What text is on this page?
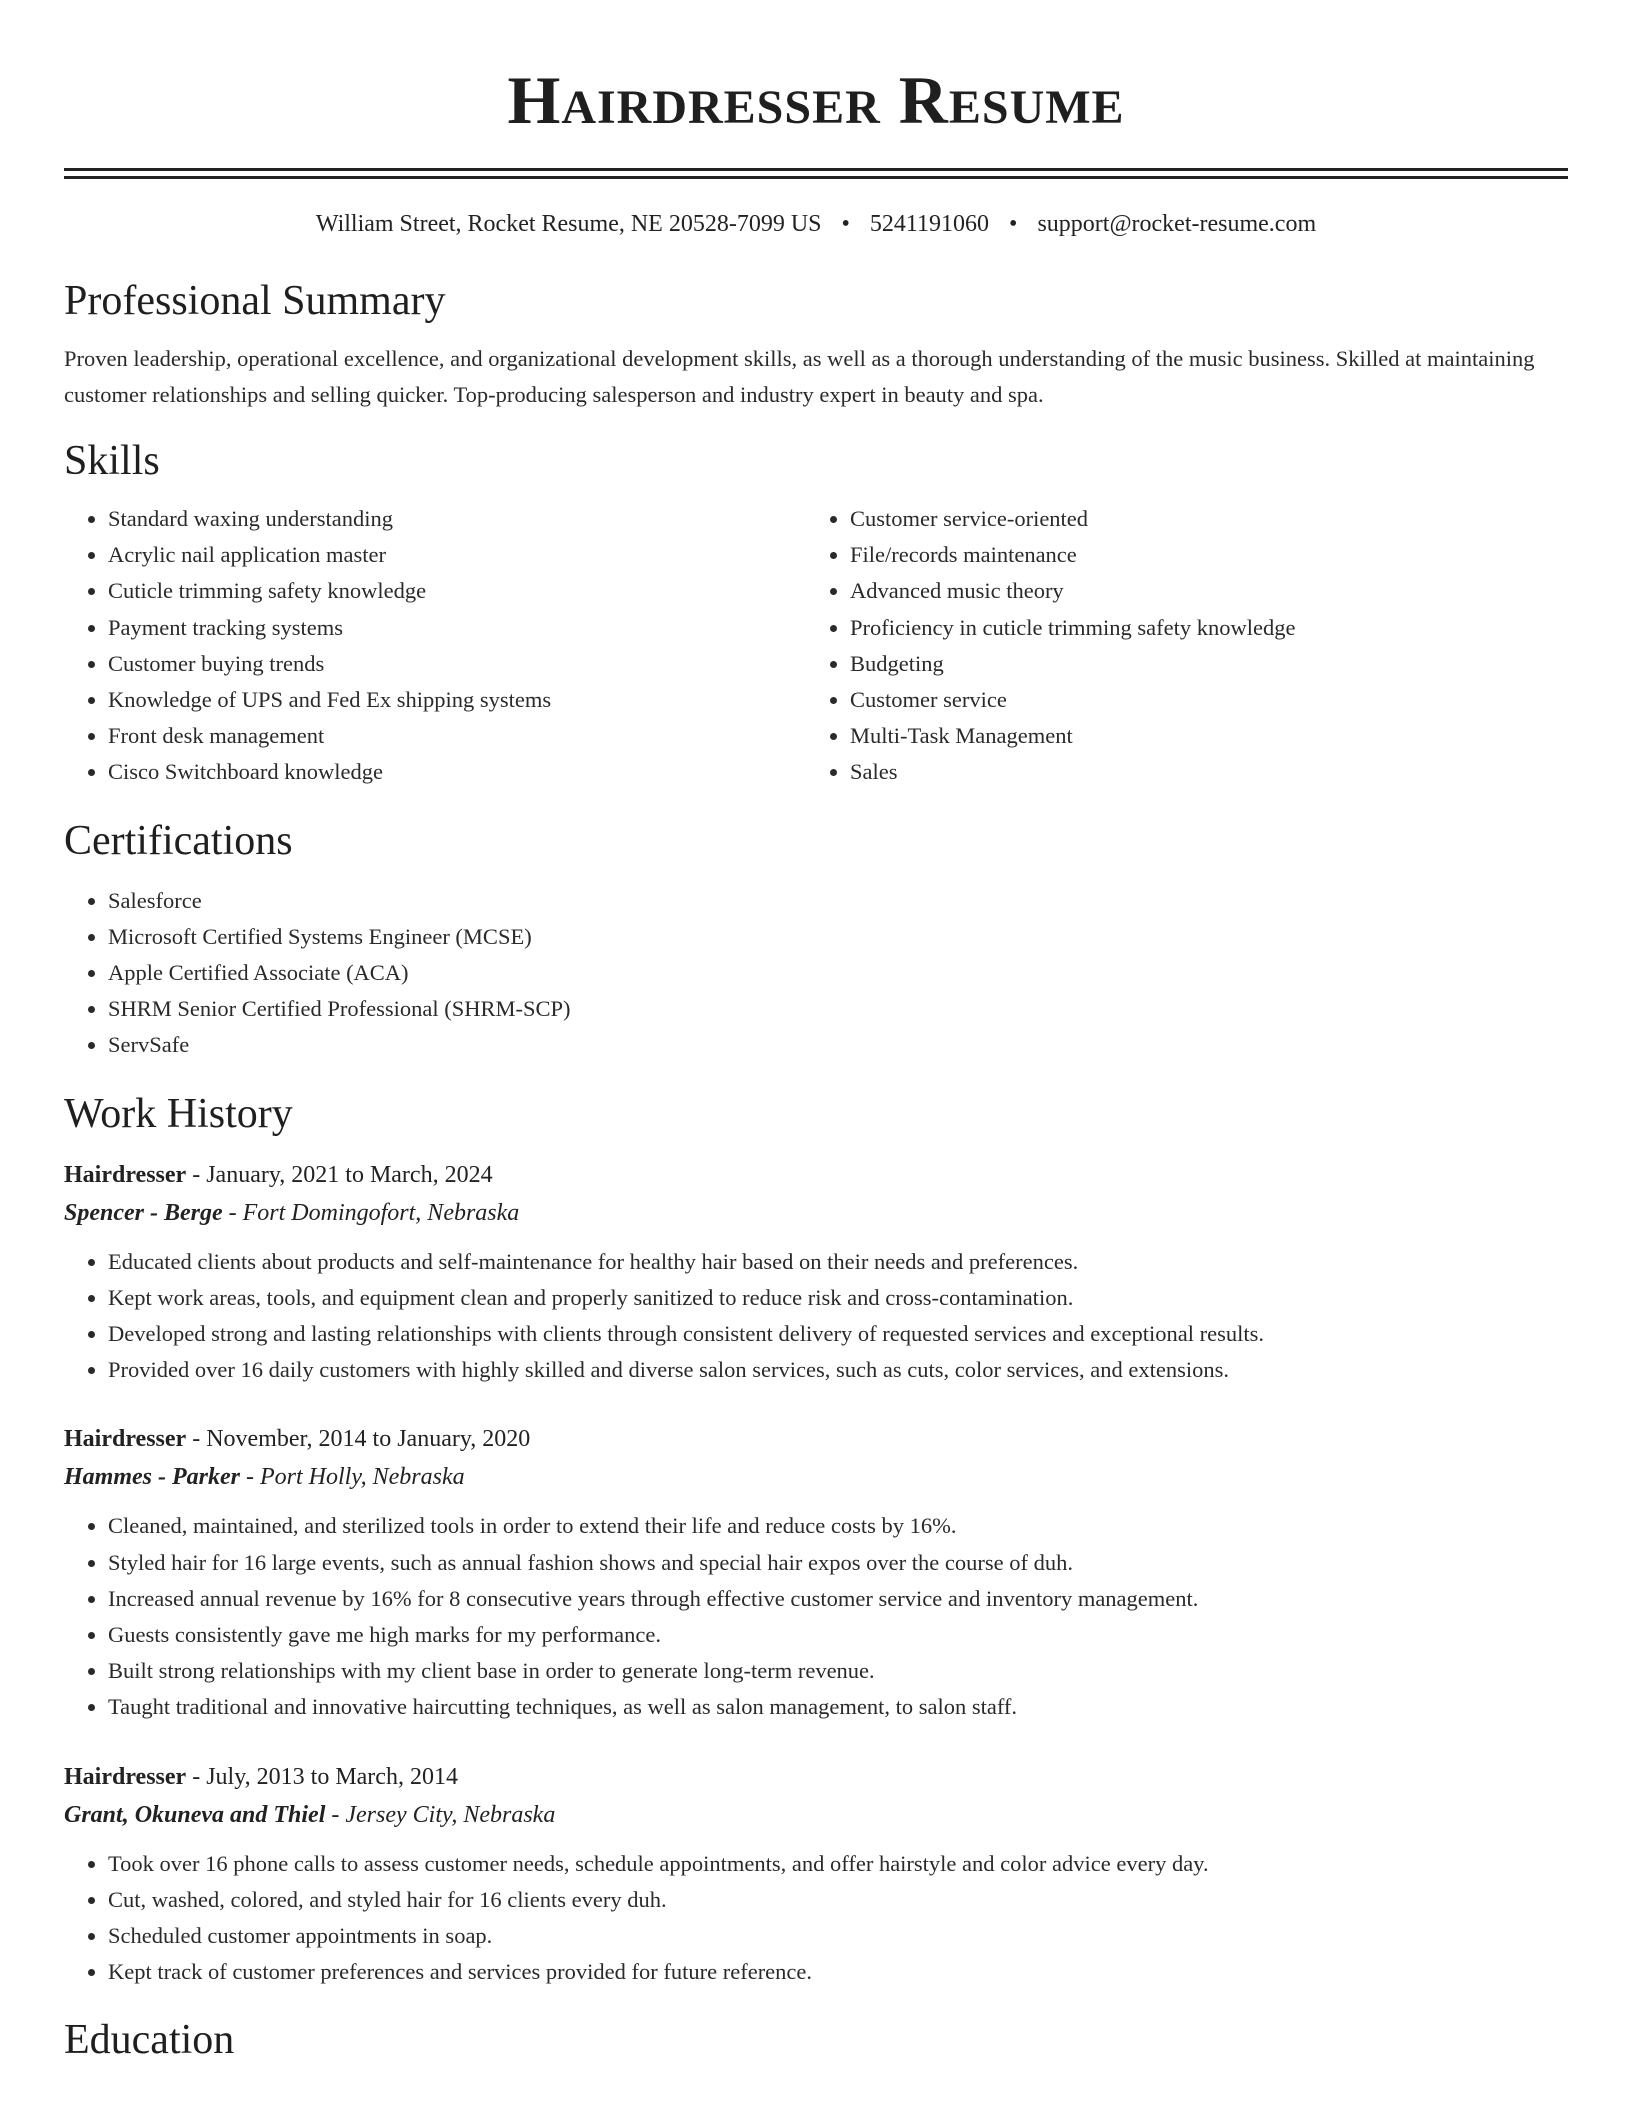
Hairdresser Resume
William Street, Rocket Resume, NE 20528-7099 US • 5241191060 • support@rocket-resume.com
Professional Summary

Proven leadership, operational excellence, and organizational development skills, as well as a thorough understanding of the music business. Skilled at maintaining customer relationships and selling quicker. Top-producing salesperson and industry expert in beauty and spa.

Skills
• Standard waxing understanding
• Acrylic nail application master
• Cuticle trimming safety knowledge
• Payment tracking systems
• Customer buying trends
• Knowledge of UPS and Fed Ex shipping systems
• Front desk management
• Cisco Switchboard knowledge
• Customer service-oriented
• File/records maintenance
• Advanced music theory
• Proficiency in cuticle trimming safety knowledge
• Budgeting
• Customer service
• Multi-Task Management
• Sales
Certifications
• Salesforce
• Microsoft Certified Systems Engineer (MCSE)
• Apple Certified Associate (ACA)
• SHRM Senior Certified Professional (SHRM-SCP)
• ServSafe
Work History
Hairdresser - January, 2021 to March, 2024
Spencer - Berge - Fort Domingofort, Nebraska
• Educated clients about products and self-maintenance for healthy hair based on their needs and preferences.
• Kept work areas, tools, and equipment clean and properly sanitized to reduce risk and cross-contamination.
• Developed strong and lasting relationships with clients through consistent delivery of requested services and exceptional results.
• Provided over 16 daily customers with highly skilled and diverse salon services, such as cuts, color services, and extensions.
Hairdresser - November, 2014 to January, 2020
Hammes - Parker - Port Holly, Nebraska
• Cleaned, maintained, and sterilized tools in order to extend their life and reduce costs by 16%.
• Styled hair for 16 large events, such as annual fashion shows and special hair expos over the course of duh.
• Increased annual revenue by 16% for 8 consecutive years through effective customer service and inventory management.
• Guests consistently gave me high marks for my performance.
• Built strong relationships with my client base in order to generate long-term revenue.
• Taught traditional and innovative haircutting techniques, as well as salon management, to salon staff.
Hairdresser - July, 2013 to March, 2014
Grant, Okuneva and Thiel - Jersey City, Nebraska
• Took over 16 phone calls to assess customer needs, schedule appointments, and offer hairstyle and color advice every day.
• Cut, washed, colored, and styled hair for 16 clients every duh.
• Scheduled customer appointments in soap.
• Kept track of customer preferences and services provided for future reference.
Education
